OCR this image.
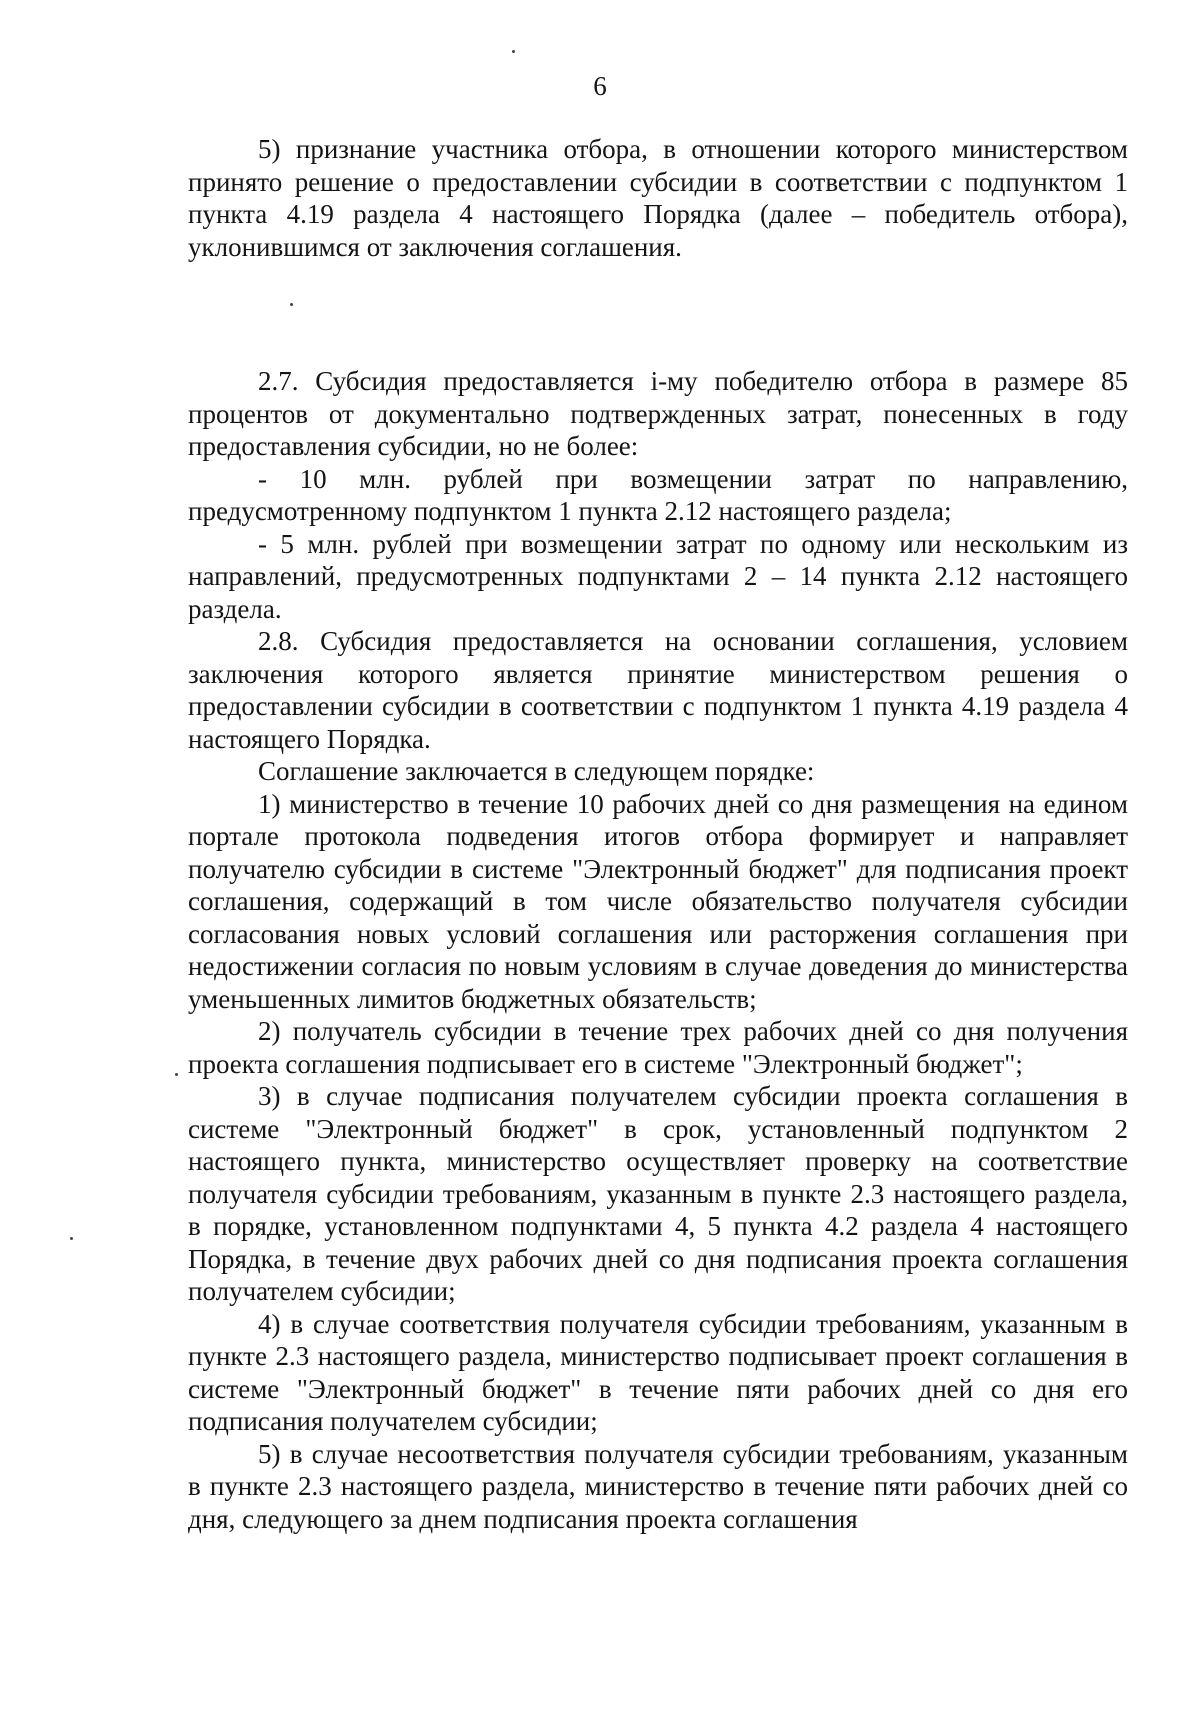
6

5) признание участника отбора, в отношении которого министерством принято решение о предоставлении субсидии в соответствии с подпунктом 1 пункта 4.19 раздела 4 настоящего Порядка (далее – победитель отбора), уклонившимся от заключения соглашения.

2.7. Субсидия предоставляется i-му победителю отбора в размере 85 процентов от документально подтвержденных затрат, понесенных в году предоставления субсидии, но не более:

- 10 млн. рублей при возмещении затрат по направлению, предусмотренному подпунктом 1 пункта 2.12 настоящего раздела;

- 5 млн. рублей при возмещении затрат по одному или нескольким из направлений, предусмотренных подпунктами 2 – 14 пункта 2.12 настоящего раздела.

2.8. Субсидия предоставляется на основании соглашения, условием заключения которого является принятие министерством решения о предоставлении субсидии в соответствии с подпунктом 1 пункта 4.19 раздела 4 настоящего Порядка.

Соглашение заключается в следующем порядке:

1) министерство в течение 10 рабочих дней со дня размещения на едином портале протокола подведения итогов отбора формирует и направляет получателю субсидии в системе "Электронный бюджет" для подписания проект соглашения, содержащий в том числе обязательство получателя субсидии согласования новых условий соглашения или расторжения соглашения при недостижении согласия по новым условиям в случае доведения до министерства уменьшенных лимитов бюджетных обязательств;

2) получатель субсидии в течение трех рабочих дней со дня получения проекта соглашения подписывает его в системе "Электронный бюджет";

3) в случае подписания получателем субсидии проекта соглашения в системе "Электронный бюджет" в срок, установленный подпунктом 2 настоящего пункта, министерство осуществляет проверку на соответствие получателя субсидии требованиям, указанным в пункте 2.3 настоящего раздела, в порядке, установленном подпунктами 4, 5 пункта 4.2 раздела 4 настоящего Порядка, в течение двух рабочих дней со дня подписания проекта соглашения получателем субсидии;

4) в случае соответствия получателя субсидии требованиям, указанным в пункте 2.3 настоящего раздела, министерство подписывает проект соглашения в системе "Электронный бюджет" в течение пяти рабочих дней со дня его подписания получателем субсидии;

5) в случае несоответствия получателя субсидии требованиям, указанным в пункте 2.3 настоящего раздела, министерство в течение пяти рабочих дней со дня, следующего за днем подписания проекта соглашения
